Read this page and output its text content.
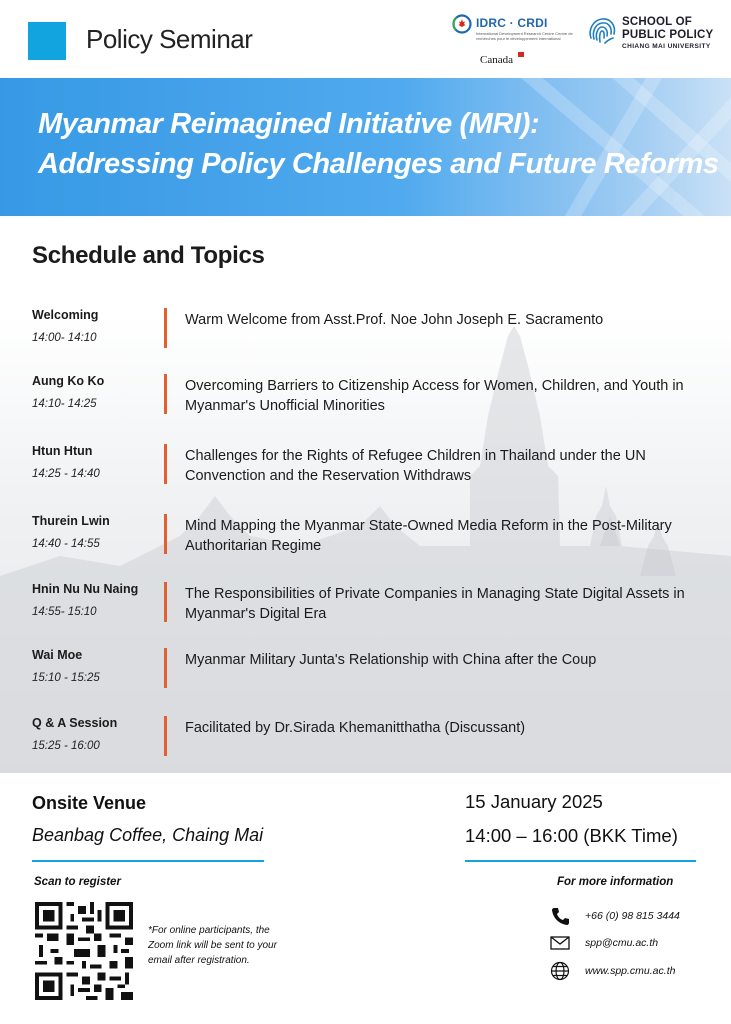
Policy Seminar
IDRC · CRDI
International Development Research Centre Centre de recherches pour le développement international
Canada
SCHOOL OF
PUBLIC POLICY
CHIANG MAI UNIVERSITY
Myanmar Reimagined Initiative (MRI):
Addressing Policy Challenges and Future Reforms
Schedule and Topics
Welcoming
14:00- 14:10
Warm Welcome from Asst.Prof. Noe John Joseph E. Sacramento
Aung Ko Ko
14:10- 14:25
Overcoming Barriers to Citizenship Access for Women, Children, and Youth in Myanmar's Unofficial Minorities
Htun Htun
14:25 - 14:40
Challenges for the Rights of Refugee Children in Thailand under the UN Convenction and the Reservation Withdraws
Thurein Lwin
14:40 - 14:55
Mind Mapping the Myanmar State-Owned Media Reform in the Post-Military Authoritarian Regime
Hnin Nu Nu Naing
14:55- 15:10
The Responsibilities of Private Companies in Managing State Digital Assets in Myanmar's Digital Era
Wai Moe
15:10 - 15:25
Myanmar Military Junta's Relationship with China after the Coup
Q & A Session
15:25 - 16:00
Facilitated by Dr.Sirada Khemanitthatha (Discussant)
Onsite Venue
Beanbag Coffee, Chaing Mai
15 January 2025
14:00 – 16:00 (BKK Time)
Scan to register
*For online participants, the Zoom link will be sent to your email after registration.
For more information
+66 (0) 98 815 3444
spp@cmu.ac.th
www.spp.cmu.ac.th
